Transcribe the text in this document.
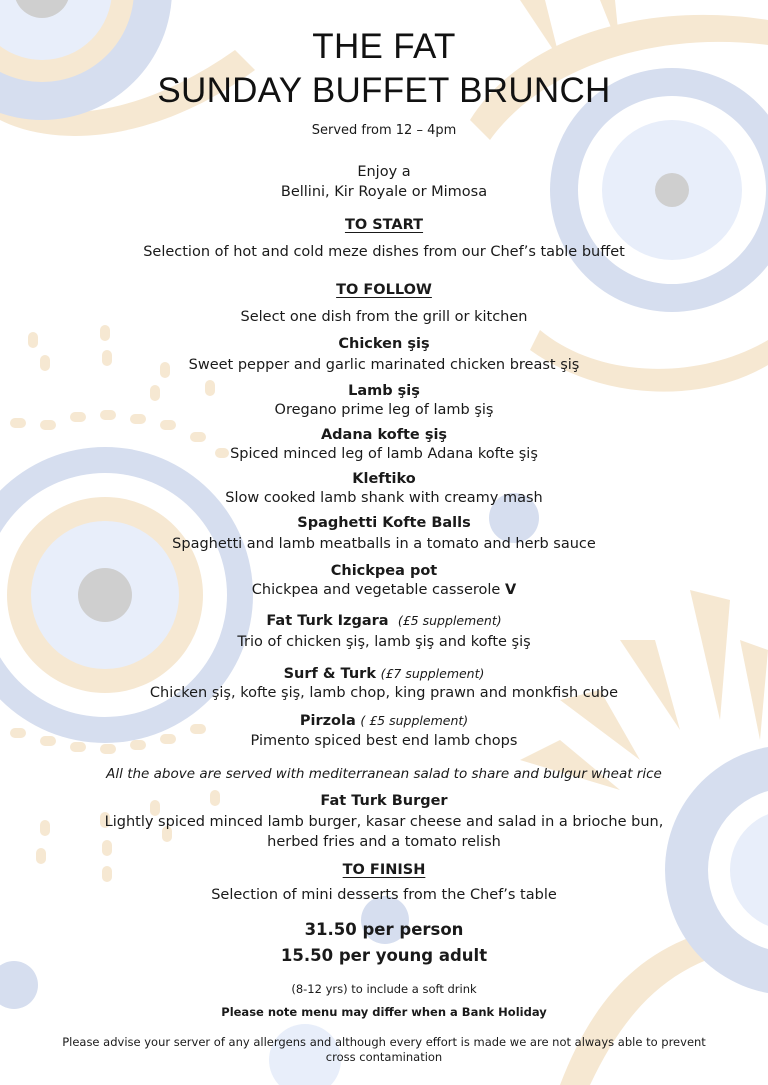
THE FAT
SUNDAY BUFFET BRUNCH
Served from 12 – 4pm
Enjoy a
Bellini, Kir Royale or Mimosa
TO START
Selection of hot and cold meze dishes from our Chef’s table buffet
TO FOLLOW
Select one dish from the grill or kitchen
Chicken şiş
Sweet pepper and garlic marinated chicken breast şiş
Lamb şiş
Oregano prime leg of lamb şiş
Adana kofte şiş
Spiced minced leg of lamb Adana kofte şiş
Kleftiko
Slow cooked lamb shank with creamy mash
Spaghetti Kofte Balls
Spaghetti and lamb meatballs in a tomato and herb sauce
Chickpea pot
Chickpea and vegetable casserole V
Fat Turk Izgara (£5 supplement)
Trio of chicken şiş, lamb şiş and kofte şiş
Surf & Turk (£7 supplement)
Chicken şiş, kofte şiş, lamb chop, king prawn and monkfish cube
Pirzola ( £5 supplement)
Pimento spiced best end lamb chops
All the above are served with mediterranean salad to share and bulgur wheat rice
Fat Turk Burger
Lightly spiced minced lamb burger, kasar cheese and salad in a brioche bun,
herbed fries and a tomato relish
TO FINISH
Selection of mini desserts from the Chef’s table
31.50 per person
15.50 per young adult
(8-12 yrs) to include a soft drink
Please note menu may differ when a Bank Holiday
Please advise your server of any allergens and although every effort is made we are not always able to prevent
cross contamination
